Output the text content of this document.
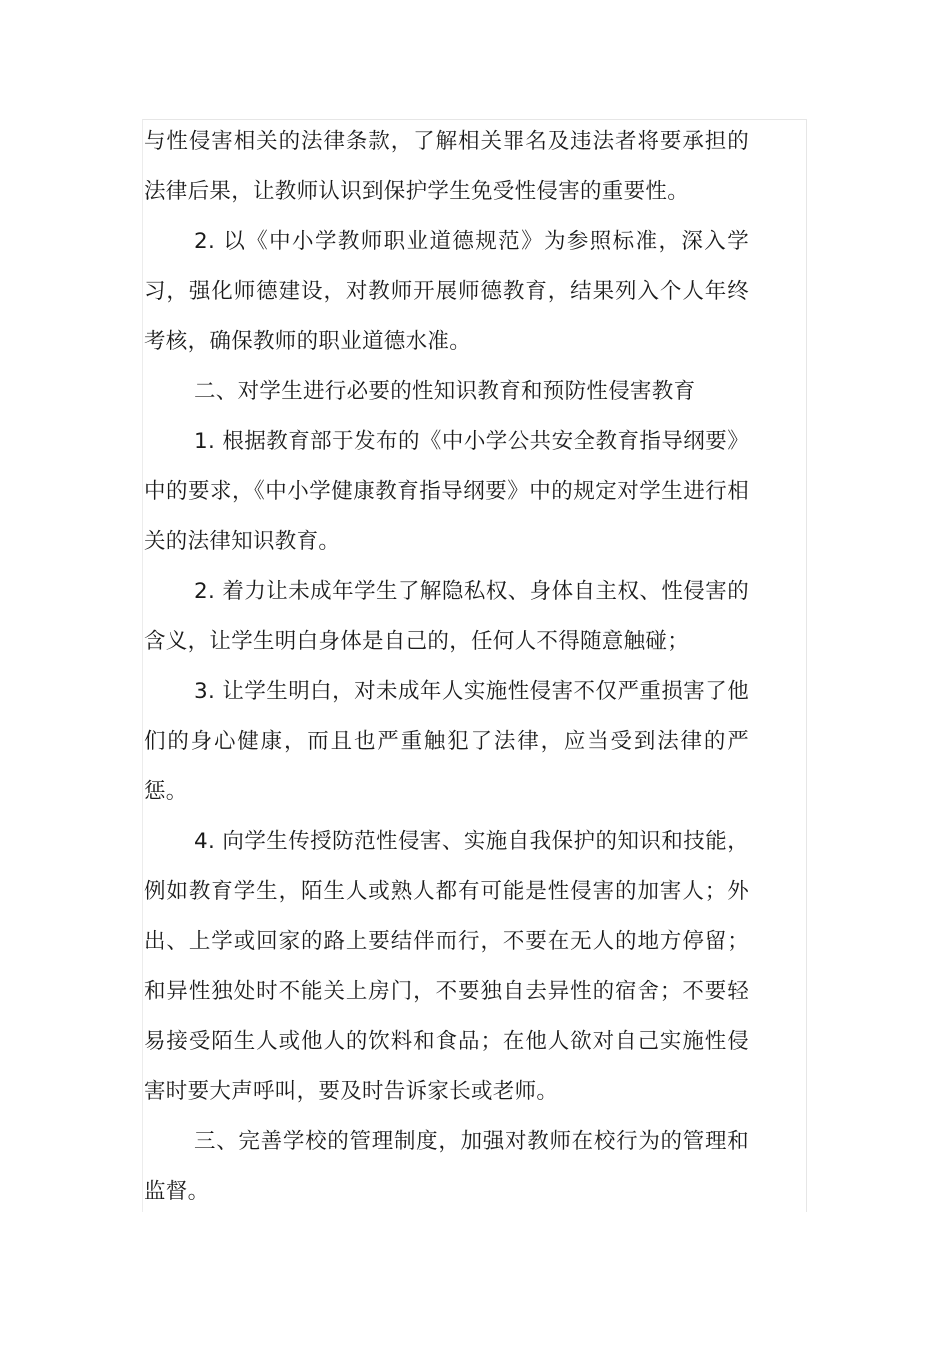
与性侵害相关的法律条款，了解相关罪名及违法者将要承担的法律后果，让教师认识到保护学生免受性侵害的重要性。

2. 以《中小学教师职业道德规范》为参照标准，深入学习，强化师德建设，对教师开展师德教育，结果列入个人年终考核，确保教师的职业道德水准。

二、对学生进行必要的性知识教育和预防性侵害教育

1. 根据教育部于发布的《中小学公共安全教育指导纲要》中的要求，《中小学健康教育指导纲要》中的规定对学生进行相关的法律知识教育。

2. 着力让未成年学生了解隐私权、身体自主权、性侵害的含义，让学生明白身体是自己的，任何人不得随意触碰；

3. 让学生明白，对未成年人实施性侵害不仅严重损害了他们的身心健康，而且也严重触犯了法律，应当受到法律的严惩。

4. 向学生传授防范性侵害、实施自我保护的知识和技能，例如教育学生，陌生人或熟人都有可能是性侵害的加害人；外出、上学或回家的路上要结伴而行，不要在无人的地方停留；和异性独处时不能关上房门，不要独自去异性的宿舍；不要轻易接受陌生人或他人的饮料和食品；在他人欲对自己实施性侵害时要大声呼叫，要及时告诉家长或老师。

三、完善学校的管理制度，加强对教师在校行为的管理和监督。
